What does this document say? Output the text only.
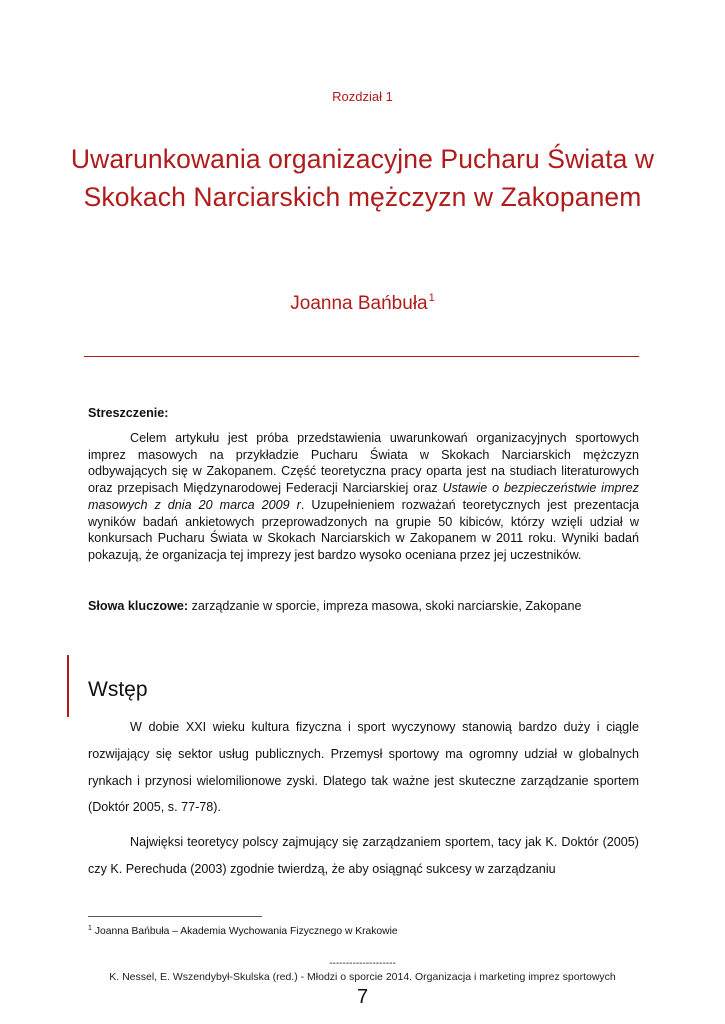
Rozdział 1
Uwarunkowania organizacyjne Pucharu Świata w Skokach Narciarskich mężczyzn w Zakopanem
Joanna Bańbuła$^1$
Streszczenie:
Celem artykułu jest próba przedstawienia uwarunkowań organizacyjnych sportowych imprez masowych na przykładzie Pucharu Świata w Skokach Narciarskich mężczyzn odbywających się w Zakopanem. Część teoretyczna pracy oparta jest na studiach literaturowych oraz przepisach Międzynarodowej Federacji Narciarskiej oraz Ustawie o bezpieczeństwie imprez masowych z dnia 20 marca 2009 r. Uzupełnieniem rozważań teoretycznych jest prezentacja wyników badań ankietowych przeprowadzonych na grupie 50 kibiców, którzy wzięli udział w konkursach Pucharu Świata w Skokach Narciarskich w Zakopanem w 2011 roku. Wyniki badań pokazują, że organizacja tej imprezy jest bardzo wysoko oceniana przez jej uczestników.
Słowa kluczowe: zarządzanie w sporcie, impreza masowa, skoki narciarskie, Zakopane
Wstęp

W dobie XXI wieku kultura fizyczna i sport wyczynowy stanowią bardzo duży i ciągle rozwijający się sektor usług publicznych. Przemysł sportowy ma ogromny udział w globalnych rynkach i przynosi wielomilionowe zyski. Dlatego tak ważne jest skuteczne zarządzanie sportem (Doktór 2005, s. 77-78).

Najwięksi teoretycy polscy zajmujący się zarządzaniem sportem, tacy jak K. Doktór (2005) czy K. Perechuda (2003) zgodnie twierdzą, że aby osiągnąć sukcesy w zarządzaniu

$^1$ Joanna Bańbuła – Akademia Wychowania Fizycznego w Krakowie
--------------------
K. Nessel, E. Wszendybył-Skulska (red.) - Młodzi o sporcie 2014. Organizacja i marketing imprez sportowych
7
